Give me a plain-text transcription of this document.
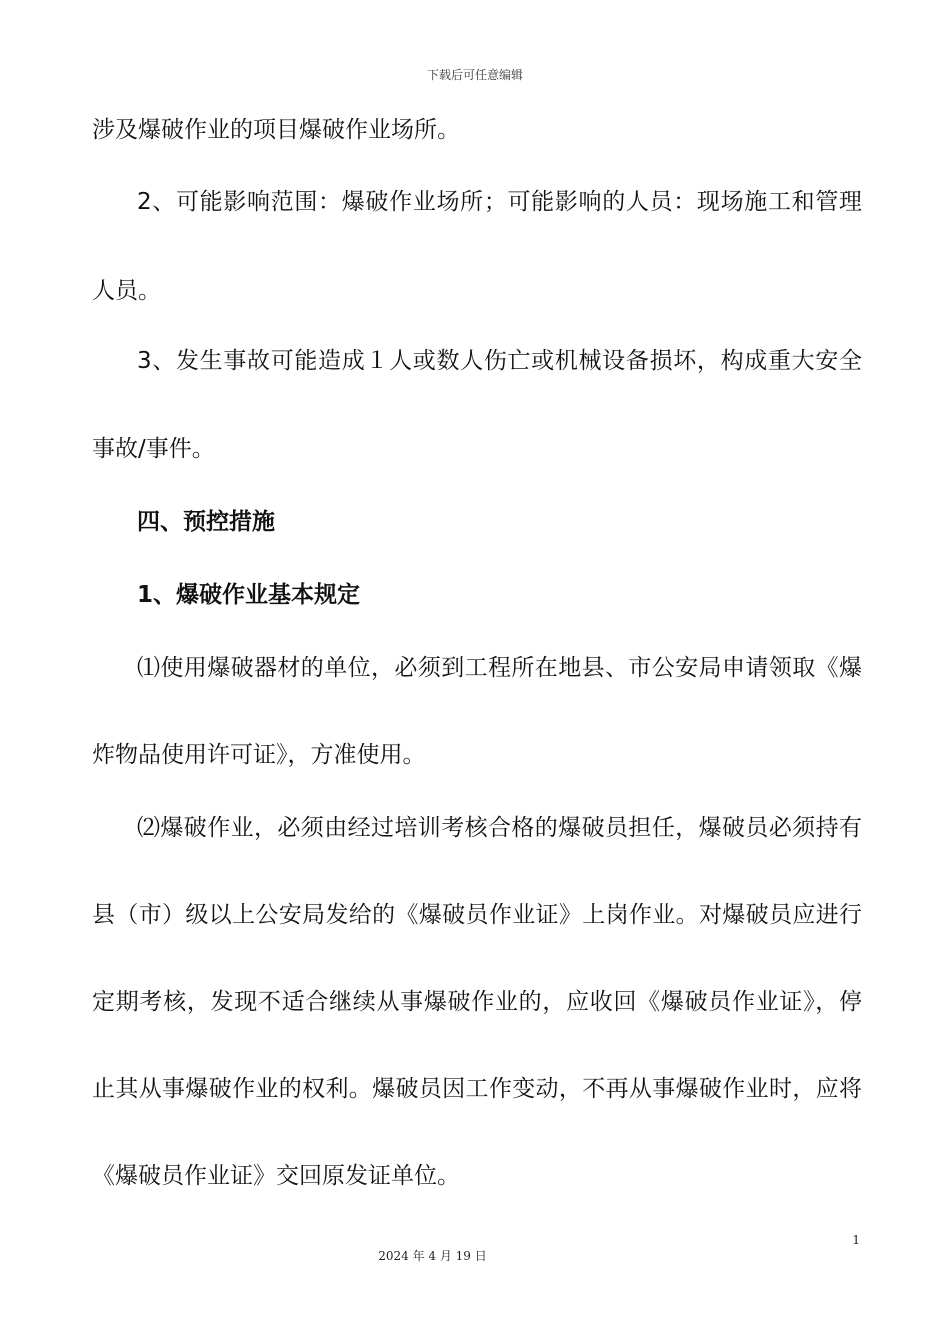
下载后可任意编辑
涉及爆破作业的项目爆破作业场所。
2、可能影响范围：爆破作业场所；可能影响的人员：现场施工和管理
人员。
3、发生事故可能造成１人或数人伤亡或机械设备损坏，构成重大安全
事故/事件。
四、预控措施
1、爆破作业基本规定
⑴使用爆破器材的单位，必须到工程所在地县、市公安局申请领取《爆
炸物品使用许可证》，方准使用。
⑵爆破作业，必须由经过培训考核合格的爆破员担任，爆破员必须持有
县（市）级以上公安局发给的《爆破员作业证》上岗作业。对爆破员应进行
定期考核，发现不适合继续从事爆破作业的，应收回《爆破员作业证》，停
止其从事爆破作业的权利。爆破员因工作变动，不再从事爆破作业时，应将
《爆破员作业证》交回原发证单位。
1
2024 年 4 月 19 日
